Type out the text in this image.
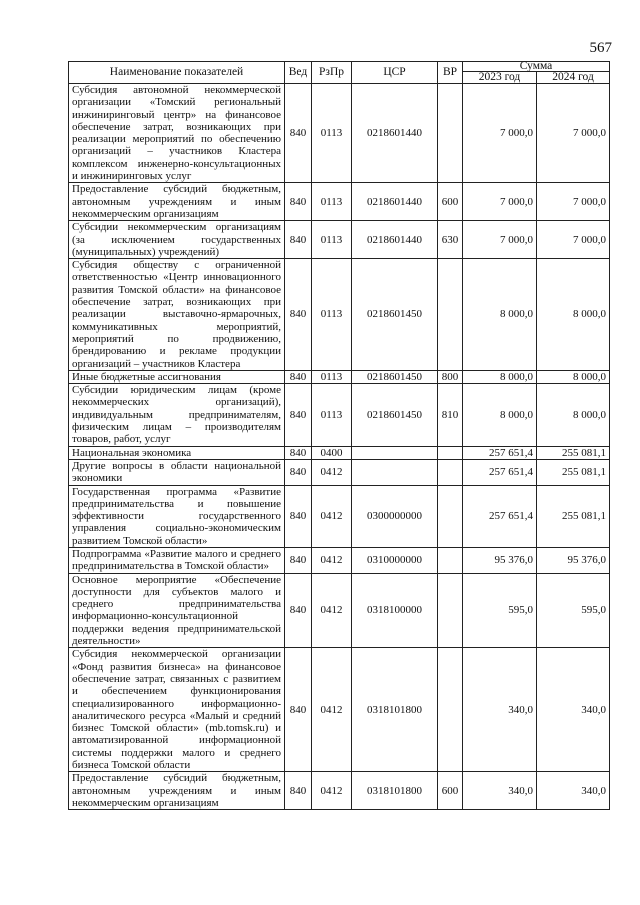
567
Наименование показателей	Вед	РзПр	ЦСР	ВР	Сумма	
					2023 год	2024 год
Субсидия автономной некоммерческой организации «Томский региональный инжиниринговый центр» на финансовое обеспечение затрат, возникающих при реализации мероприятий по обеспечению организаций – участников Кластера комплексом инженерно-консультационных и инжиниринговых услуг	840	0113	0218601440		7 000,0	7 000,0
Предоставление субсидий бюджетным, автономным учреждениям и иным некоммерческим организациям	840	0113	0218601440	600	7 000,0	7 000,0
Субсидии некоммерческим организациям (за исключением государственных (муниципальных) учреждений)	840	0113	0218601440	630	7 000,0	7 000,0
Субсидия обществу с ограниченной ответственностью «Центр инновационного развития Томской области» на финансовое обеспечение затрат, возникающих при реализации выставочно-ярмарочных, коммуникативных мероприятий, мероприятий по продвижению, брендированию и рекламе продукции организаций – участников Кластера	840	0113	0218601450		8 000,0	8 000,0
Иные бюджетные ассигнования	840	0113	0218601450	800	8 000,0	8 000,0
Субсидии юридическим лицам (кроме некоммерческих организаций), индивидуальным предпринимателям, физическим лицам – производителям товаров, работ, услуг	840	0113	0218601450	810	8 000,0	8 000,0
Национальная экономика	840	0400			257 651,4	255 081,1
Другие вопросы в области национальной экономики	840	0412			257 651,4	255 081,1
Государственная программа «Развитие предпринимательства и повышение эффективности государственного управления социально-экономическим развитием Томской области»	840	0412	0300000000		257 651,4	255 081,1
Подпрограмма «Развитие малого и среднего предпринимательства в Томской области»	840	0412	0310000000		95 376,0	95 376,0
Основное мероприятие «Обеспечение доступности для субъектов малого и среднего предпринимательства информационно-консультационной поддержки ведения предпринимательской деятельности»	840	0412	0318100000		595,0	595,0
Субсидия некоммерческой организации «Фонд развития бизнеса» на финансовое обеспечение затрат, связанных с развитием и обеспечением функционирования специализированного информационно-аналитического ресурса «Малый и средний бизнес Томской области» (mb.tomsk.ru) и автоматизированной информационной системы поддержки малого и среднего бизнеса Томской области	840	0412	0318101800		340,0	340,0
Предоставление субсидий бюджетным, автономным учреждениям и иным некоммерческим организациям	840	0412	0318101800	600	340,0	340,0
